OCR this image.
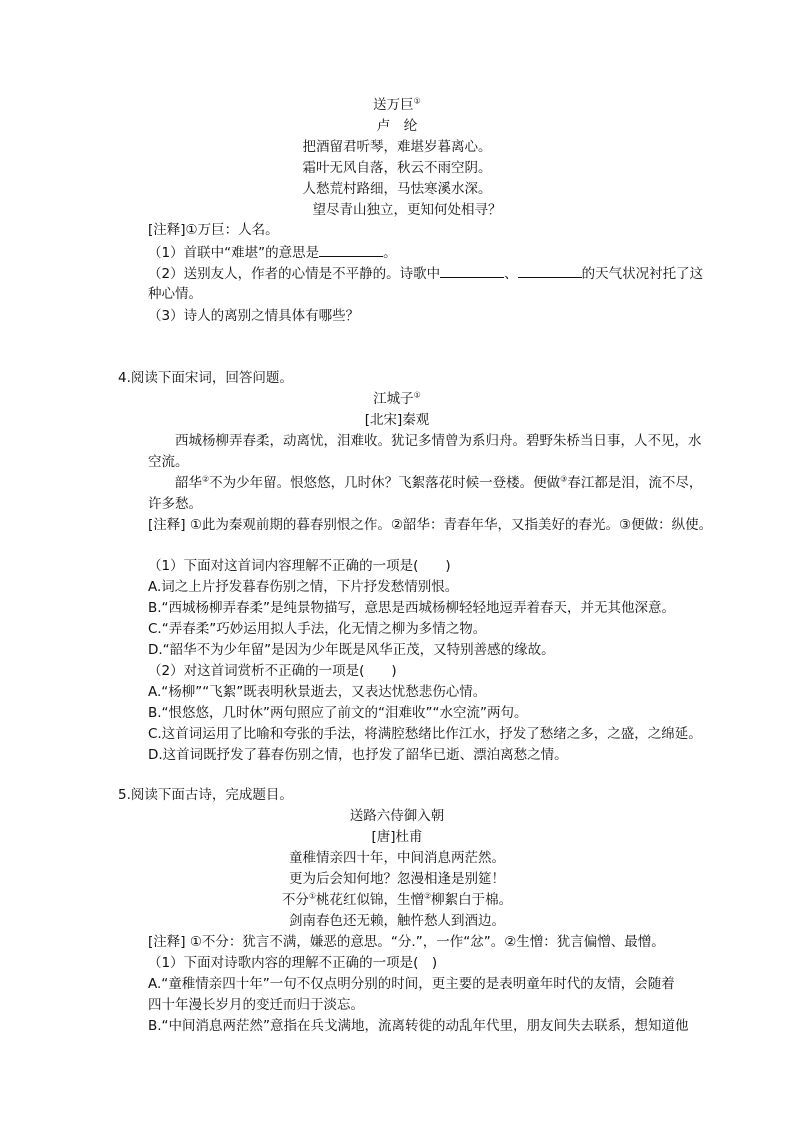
送万巨①
卢　纶
把酒留君听琴，难堪岁暮离心。
霜叶无风自落，秋云不雨空阴。
人愁荒村路细，马怯寒溪水深。
望尽青山独立，更知何处相寻？
[注释]①万巨：人名。
（1）首联中“难堪”的意思是	。
（2）送别友人，作者的心情是不平静的。诗歌中	、	的天气状况衬托了这
种心情。
（3）诗人的离别之情具体有哪些？
4.阅读下面宋词，回答问题。
江城子①
[北宋]秦观
西城杨柳弄春柔，动离忧，泪难收。犹记多情曾为系归舟。碧野朱桥当日事，人不见，水
空流。
韶华②不为少年留。恨悠悠，几时休？飞絮落花时候一登楼。便做③春江都是泪，流不尽，
许多愁。
[注释] ①此为秦观前期的暮春别恨之作。②韶华：青春年华，又指美好的春光。③便做：纵使。
（1）下面对这首词内容理解不正确的一项是(　　)
A.词之上片抒发暮春伤别之情，下片抒发愁情别恨。
B.“西城杨柳弄春柔”是纯景物描写，意思是西城杨柳轻轻地逗弄着春天，并无其他深意。
C.“弄春柔”巧妙运用拟人手法，化无情之柳为多情之物。
D.“韶华不为少年留”是因为少年既是风华正茂，又特别善感的缘故。
（2）对这首词赏析不正确的一项是(　　)
A.“杨柳”“飞絮”既表明秋景逝去，又表达忧愁悲伤心情。
B.“恨悠悠，几时休”两句照应了前文的“泪难收”“水空流”两句。
C.这首词运用了比喻和夸张的手法，将满腔愁绪比作江水，抒发了愁绪之多，之盛，之绵延。
D.这首词既抒发了暮春伤别之情，也抒发了韶华已逝、漂泊离愁之情。
5.阅读下面古诗，完成题目。
送路六侍御入朝
[唐]杜甫
童稚情亲四十年，中间消息两茫然。
更为后会知何地？忽漫相逢是别筵！
不分①桃花红似锦，生憎②柳絮白于棉。
剑南春色还无赖，触忤愁人到酒边。
[注释] ①不分：犹言不满，嫌恶的意思。“分.”，一作“忿”。②生憎：犹言偏憎、最憎。
（1）下面对诗歌内容的理解不正确的一项是(　)
A.“童稚情亲四十年”一句不仅点明分别的时间，更主要的是表明童年时代的友情，会随着
四十年漫长岁月的变迁而归于淡忘。
B.“中间消息两茫然”意指在兵戈满地，流离转徙的动乱年代里，朋友间失去联系，想知道他
